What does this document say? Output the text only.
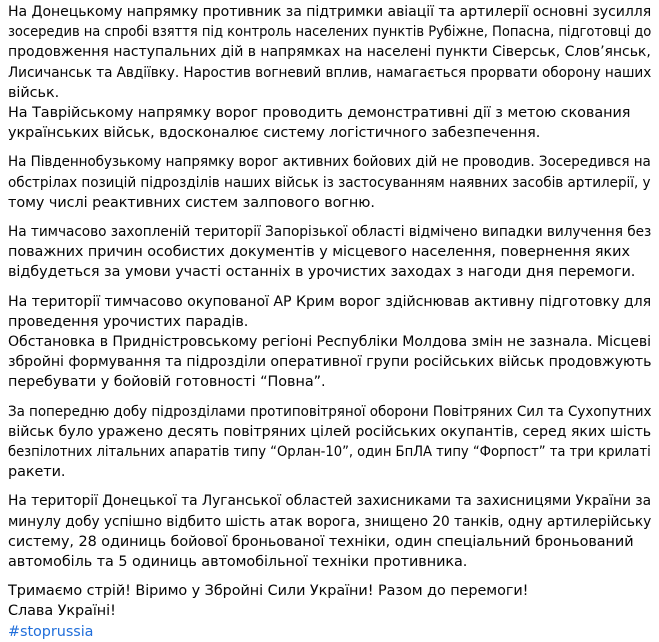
На Донецькому напрямку противник за підтримки авіації та артилерії основні зусилля
зосередив на спробі взяття під контроль населених пунктів Рубіжне, Попасна, підготовці до
продовження наступальних дій в напрямках на населені пункти Сіверськ, Слов’янськ,
Лисичанськ та Авдіївку. Наростив вогневий вплив, намагається прорвати оборону наших
військ.
На Таврійському напрямку ворог проводить демонстративні дії з метою скования
українських військ, вдосконалює систему логістичного забезпечення.
На Південнобузькому напрямку ворог активних бойових дій не проводив. Зосередився на
обстрілах позицій підрозділів наших військ із застосуванням наявних засобів артилерії, у
тому числі реактивних систем залпового вогню.
На тимчасово захопленій території Запорізької області відмічено випадки вилучення без
поважних причин особистих документів у місцевого населення, повернення яких
відбудеться за умови участі останніх в урочистих заходах з нагоди дня перемоги.
На території тимчасово окупованої АР Крим ворог здійснював активну підготовку для
проведення урочистих парадів.
Обстановка в Придністровському регіоні Республіки Молдова змін не зазнала. Місцеві
збройні формування та підрозділи оперативної групи російських військ продовжують
перебувати у бойовій готовності “Повна”.
За попередню добу підрозділами протиповітряної оборони Повітряних Сил та Сухопутних
військ було уражено десять повітряних цілей російських окупантів, серед яких шість
безпілотних літальних апаратів типу “Орлан-10”, один БпЛА типу “Форпост” та три крилаті
ракети.
На території Донецької та Луганської областей захисниками та захисницями України за
минулу добу успішно відбито шість атак ворога, знищено 20 танків, одну артилерійську
систему, 28 одиниць бойової броньованої техніки, один спеціальний броньований
автомобіль та 5 одиниць автомобільної техніки противника.
Тримаємо стрій! Віримо у Збройні Сили України! Разом до перемоги!
Слава Україні!
#stoprussia
